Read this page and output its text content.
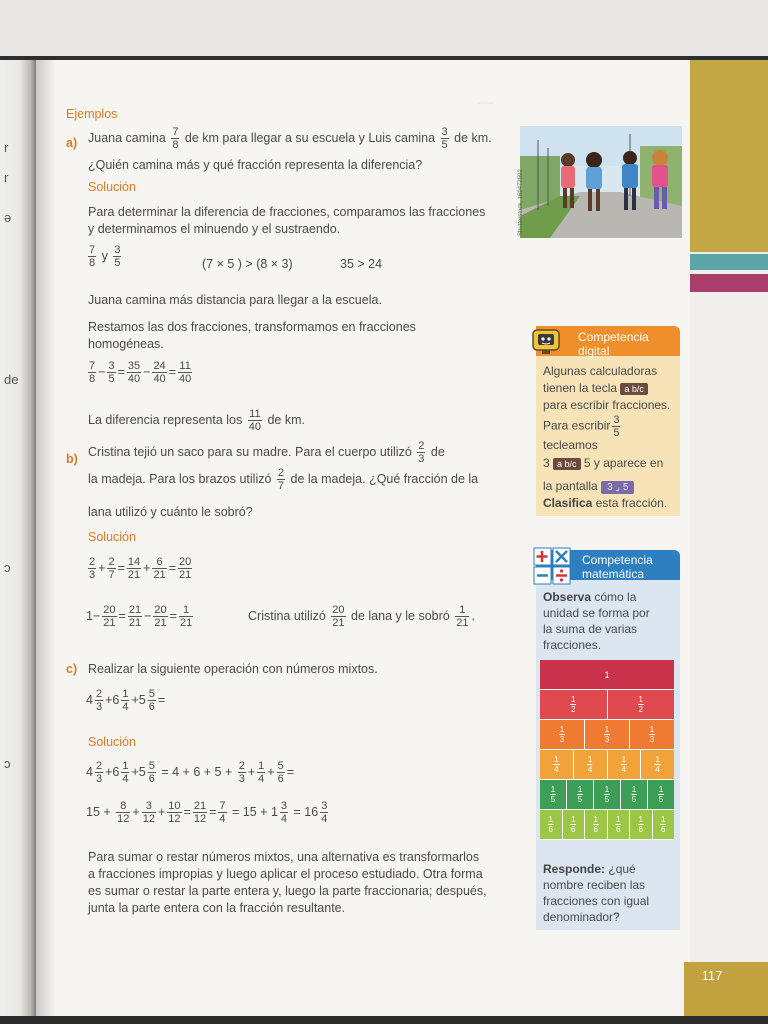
r
r
ə
de
ɔ
ɔ
117
Ejemplos
a) Juana camina $\frac{7}{8}$ de km para llegar a su escuela y Luis camina $\frac{3}{5}$ de km.
¿Quién camina más y qué fracción representa la diferencia?
Solución
Para determinar la diferencia de fracciones, comparamos las fracciones
y determinamos el minuendo y el sustraendo.
$\frac{7}{8}$ y $\frac{3}{5}$	(7 × 5 ) > (8 × 3)	35 > 24
Juana camina más distancia para llegar a la escuela.
Restamos las dos fracciones, transformamos en fracciones
homogéneas.
$\frac{7}{8} - \frac{3}{5} = \frac{35}{40} - \frac{24}{40} = \frac{11}{40}$
La diferencia representa los $\frac{11}{40}$ de km.
b)
Cristina tejió un saco para su madre. Para el cuerpo utilizó $\frac{2}{3}$ de
la madeja. Para los brazos utilizó $\frac{2}{7}$ de la madeja. ¿Qué fracción de la
lana utilizó y cuánto le sobró?
Solución
$\frac{2}{3} + \frac{2}{7} = \frac{14}{21} + \frac{6}{21} = \frac{20}{21}$
$1- \frac{20}{21} = \frac{21}{21} - \frac{20}{21} = \frac{1}{21}$	Cristina utilizó $\frac{20}{21}$ de lana y le sobró $\frac{1}{21}$ .
c) Realizar la siguiente operación con números mixtos.
$4 \frac{2}{3} +6 \frac{1}{4} +5 \frac{5}{6}$ =
Solución
$4 \frac{2}{3} +6 \frac{1}{4} +5 \frac{5}{6} = 4 + 6 + 5 + \frac{2}{3} + \frac{1}{4} + \frac{5}{6}$ =
$15 + \frac{8}{12} + \frac{3}{12} + \frac{10}{12} = \frac{21}{12} = \frac{7}{4} = 15 + 1 \frac{3}{4} = 16 \frac{3}{4}$
Para sumar o restar números mixtos, una alternativa es transformarlos
a fracciones impropias y luego aplicar el proceso estudiado. Otra forma
es sumar o restar la parte entera y, luego la parte fraccionaria; después,
junta la parte entera con la fracción resultante.
Shutterstock, 169472592
Competencia
digital
Algunas calculadoras
tienen la tecla a b/c
para escribir fracciones.
Para escribir $\frac{3}{5}$
tecleamos
3 a b/c 5 y aparece en
la pantalla 3 ⌟ 5
Clasifica esta fracción.
Competencia
matemática
Observa cómo la
unidad se forma por
la suma de varias
fracciones.
1
$\frac{1}{2}$	$\frac{1}{2}$
$\frac{1}{3}$	$\frac{1}{3}$	$\frac{1}{3}$
$\frac{1}{4}$	$\frac{1}{4}$	$\frac{1}{4}$	$\frac{1}{4}$
$\frac{1}{5}$	$\frac{1}{5}$	$\frac{1}{5}$	$\frac{1}{5}$	$\frac{1}{5}$
$\frac{1}{6} \frac{1}{6} \frac{1}{6} \frac{1}{6} \frac{1}{6} \frac{1}{6}$
Responde: ¿qué
nombre reciben las
fracciones con igual
denominador?
